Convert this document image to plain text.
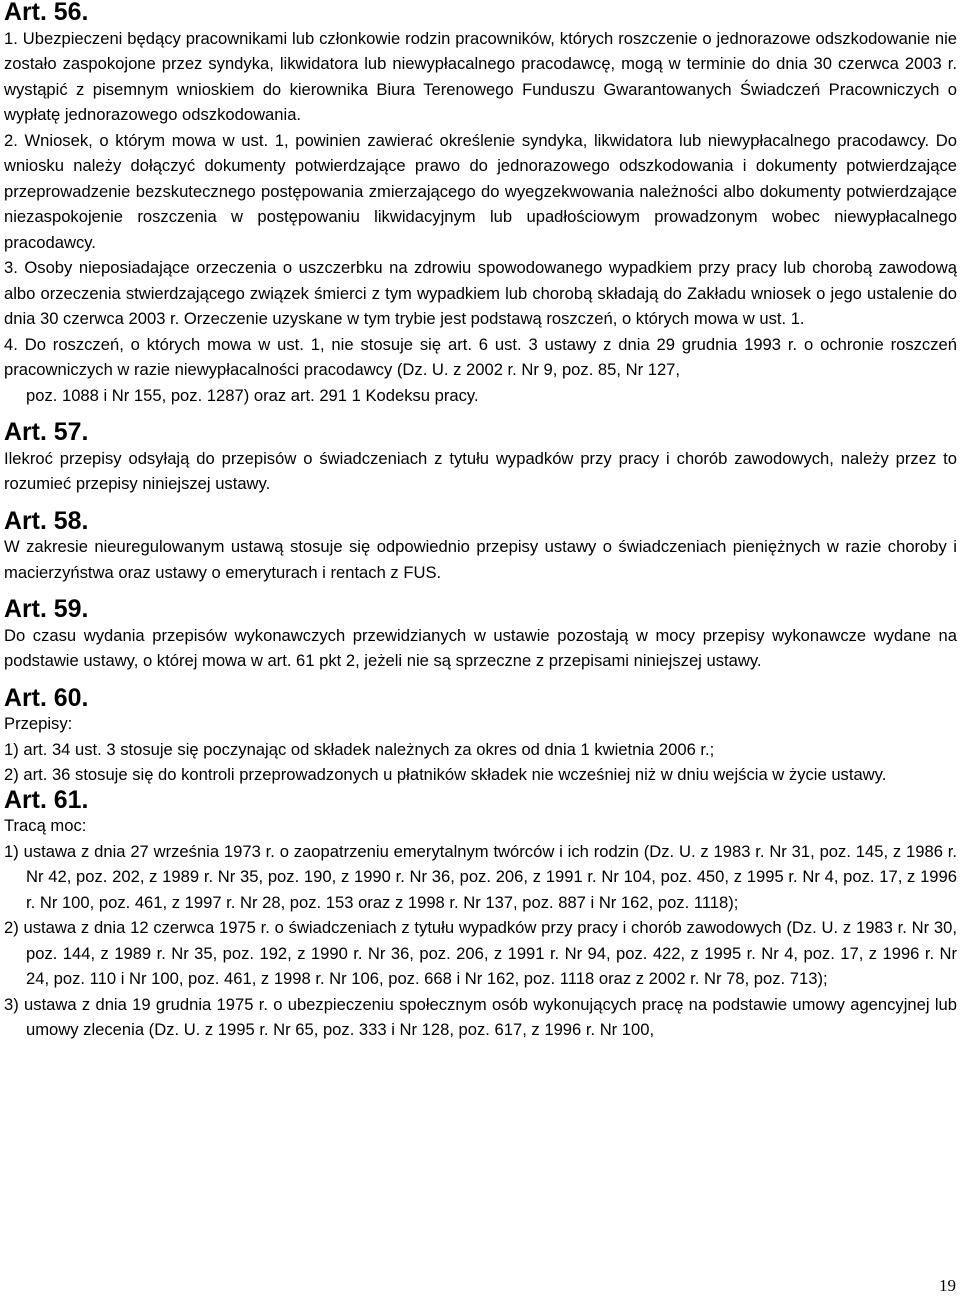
Art. 56.

1. Ubezpieczeni będący pracownikami lub członkowie rodzin pracowników, których roszczenie o jednorazowe odszkodowanie nie zostało zaspokojone przez syndyka, likwidatora lub niewypłacalnego pracodawcę, mogą w terminie do dnia 30 czerwca 2003 r. wystąpić z pisemnym wnioskiem do kierownika Biura Terenowego Funduszu Gwarantowanych Świadczeń Pracowniczych o wypłatę jednorazowego odszkodowania.

2. Wniosek, o którym mowa w ust. 1, powinien zawierać określenie syndyka, likwidatora lub niewypłacalnego pracodawcy. Do wniosku należy dołączyć dokumenty potwierdzające prawo do jednorazowego odszkodowania i dokumenty potwierdzające przeprowadzenie bezskutecznego postępowania zmierzającego do wyegzekwowania należności albo dokumenty potwierdzające niezaspokojenie roszczenia w postępowaniu likwidacyjnym lub upadłościowym prowadzonym wobec niewypłacalnego pracodawcy.

3. Osoby nieposiadające orzeczenia o uszczerbku na zdrowiu spowodowanego wypadkiem przy pracy lub chorobą zawodową albo orzeczenia stwierdzającego związek śmierci z tym wypadkiem lub chorobą składają do Zakładu wniosek o jego ustalenie do dnia 30 czerwca 2003 r. Orzeczenie uzyskane w tym trybie jest podstawą roszczeń, o których mowa w ust. 1.

4. Do roszczeń, o których mowa w ust. 1, nie stosuje się art. 6 ust. 3 ustawy z dnia 29 grudnia 1993 r. o ochronie roszczeń pracowniczych w razie niewypłacalności pracodawcy (Dz. U. z 2002 r. Nr 9, poz. 85, Nr 127,

poz. 1088 i Nr 155, poz. 1287) oraz art. 291 1 Kodeksu pracy.

Art. 57.

Ilekroć przepisy odsyłają do przepisów o świadczeniach z tytułu wypadków przy pracy i chorób zawodowych, należy przez to rozumieć przepisy niniejszej ustawy.

Art. 58.

W zakresie nieuregulowanym ustawą stosuje się odpowiednio przepisy ustawy o świadczeniach pieniężnych w razie choroby i macierzyństwa oraz ustawy o emeryturach i rentach z FUS.

Art. 59.

Do czasu wydania przepisów wykonawczych przewidzianych w ustawie pozostają w mocy przepisy wykonawcze wydane na podstawie ustawy, o której mowa w art. 61 pkt 2, jeżeli nie są sprzeczne z przepisami niniejszej ustawy.

Art. 60.

Przepisy:

1) art. 34 ust. 3 stosuje się poczynając od składek należnych za okres od dnia 1 kwietnia 2006 r.;

2) art. 36 stosuje się do kontroli przeprowadzonych u płatników składek nie wcześniej niż w dniu wejścia w życie ustawy.

Art. 61.

Tracą moc:

1) ustawa z dnia 27 września 1973 r. o zaopatrzeniu emerytalnym twórców i ich rodzin (Dz. U. z 1983 r. Nr 31, poz. 145, z 1986 r. Nr 42, poz. 202, z 1989 r. Nr 35, poz. 190, z 1990 r. Nr 36, poz. 206, z 1991 r. Nr 104, poz. 450, z 1995 r. Nr 4, poz. 17, z 1996 r. Nr 100, poz. 461, z 1997 r. Nr 28, poz. 153 oraz z 1998 r. Nr 137, poz. 887 i Nr 162, poz. 1118);

2) ustawa z dnia 12 czerwca 1975 r. o świadczeniach z tytułu wypadków przy pracy i chorób zawodowych (Dz. U. z 1983 r. Nr 30, poz. 144, z 1989 r. Nr 35, poz. 192, z 1990 r. Nr 36, poz. 206, z 1991 r. Nr 94, poz. 422, z 1995 r. Nr 4, poz. 17, z 1996 r. Nr 24, poz. 110 i Nr 100, poz. 461, z 1998 r. Nr 106, poz. 668 i Nr 162, poz. 1118 oraz z 2002 r. Nr 78, poz. 713);

3) ustawa z dnia 19 grudnia 1975 r. o ubezpieczeniu społecznym osób wykonujących pracę na podstawie umowy agencyjnej lub umowy zlecenia (Dz. U. z 1995 r. Nr 65, poz. 333 i Nr 128, poz. 617, z 1996 r. Nr 100,

19
